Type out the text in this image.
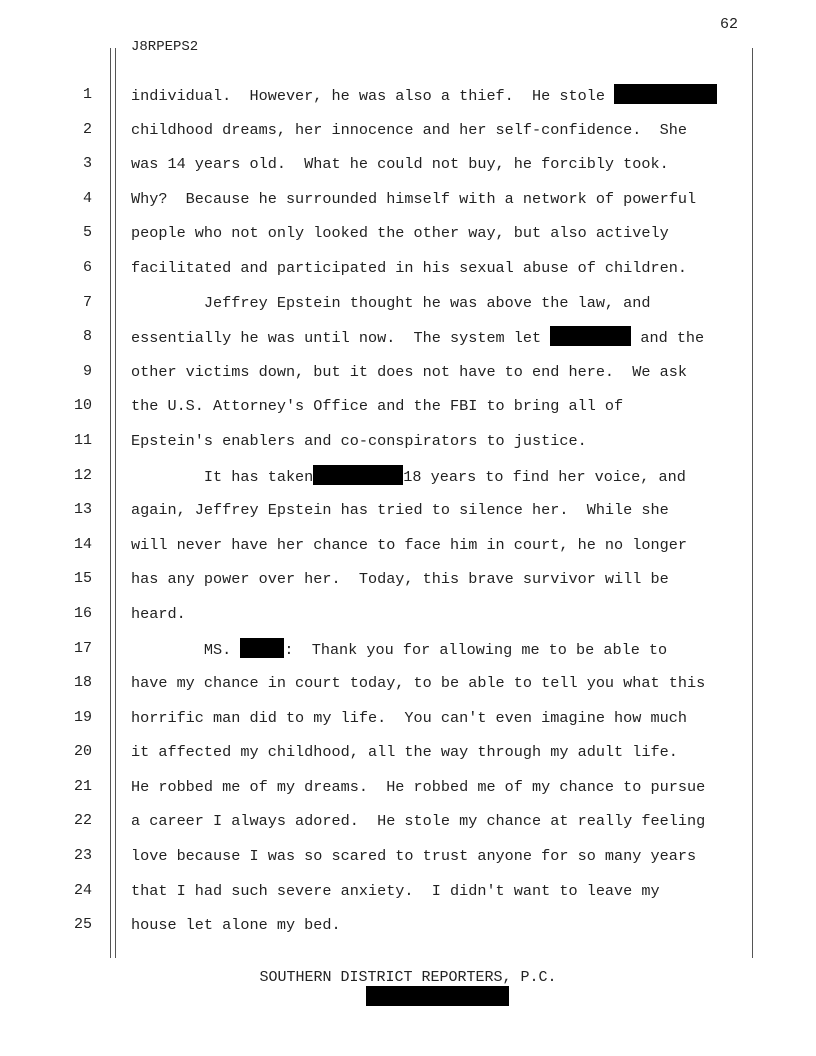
62
J8RPEPS2
1
2
3
4
5
6
7
8
9
10
11
12
13
14
15
16
17
18
19
20
21
22
23
24
25
individual.  However, he was also a thief.  He stole
childhood dreams, her innocence and her self-confidence.  She
was 14 years old.  What he could not buy, he forcibly took.
Why?  Because he surrounded himself with a network of powerful
people who not only looked the other way, but also actively
facilitated and participated in his sexual abuse of children.
Jeffrey Epstein thought he was above the law, and
essentially he was until now.  The system let	and the
other victims down, but it does not have to end here.  We ask
the U.S. Attorney's Office and the FBI to bring all of
Epstein's enablers and co-conspirators to justice.
It has taken	18 years to find her voice, and
again, Jeffrey Epstein has tried to silence her.  While she
will never have her chance to face him in court, he no longer
has any power over her.  Today, this brave survivor will be
heard.
MS.	:  Thank you for allowing me to be able to
have my chance in court today, to be able to tell you what this
horrific man did to my life.  You can't even imagine how much
it affected my childhood, all the way through my adult life.
He robbed me of my dreams.  He robbed me of my chance to pursue
a career I always adored.  He stole my chance at really feeling
love because I was so scared to trust anyone for so many years
that I had such severe anxiety.  I didn't want to leave my
house let alone my bed.
SOUTHERN DISTRICT REPORTERS, P.C.
